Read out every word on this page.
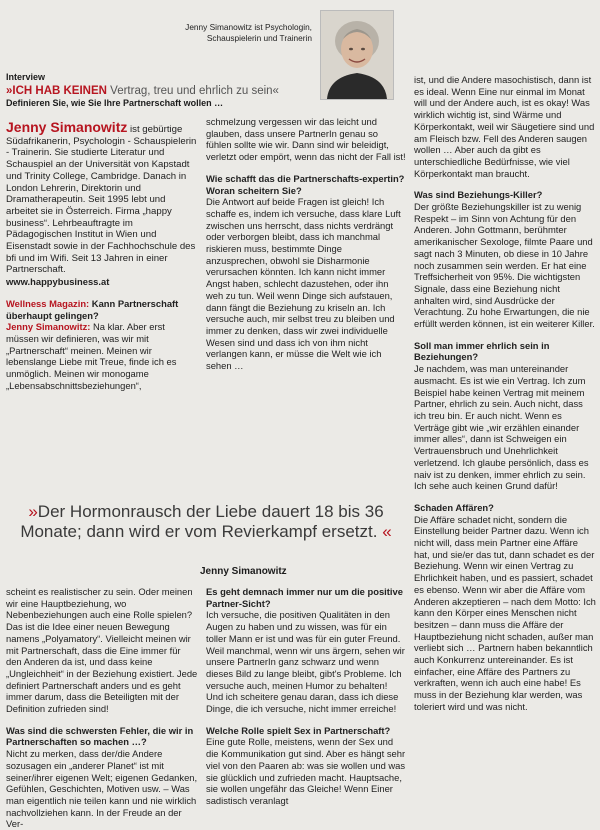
Jenny Simanowitz ist Psychologin, Schauspielerin und Trainerin
Interview
»ICH HAB KEINEN Vertrag, treu und ehrlich zu sein«
Definieren Sie, wie Sie Ihre Partnerschaft wollen …

Jenny Simanowitz ist gebürtige Südafrikanerin, Psychologin - Schauspielerin - Trainerin. Sie studierte Literatur und Schauspiel an der Universität von Kapstadt und Trinity College, Cambridge. Danach in London Lehrerin, Direktorin und Dramatherapeutin. Seit 1995 lebt und arbeitet sie in Österreich. Firma „happy business“. Lehrbeauftragte im Pädagogischen Institut in Wien und Eisenstadt sowie in der Fachhochschule des bfi und im Wifi. Seit 13 Jahren in einer Partnerschaft.

www.happybusiness.at

Wellness Magazin: Kann Partnerschaft überhaupt gelingen?

Jenny Simanowitz: Na klar. Aber erst müssen wir definieren, was wir mit „Partnerschaft“ meinen. Meinen wir lebenslange Liebe mit Treue, finde ich es unmöglich. Meinen wir monogame „Lebensabschnittsbeziehungen“,

schmelzung vergessen wir das leicht und glauben, dass unsere PartnerIn genau so fühlen sollte wie wir. Dann sind wir beleidigt, verletzt oder empört, wenn das nicht der Fall ist!

Wie schafft das die Partnerschafts-expertin? Woran scheitern Sie?

Die Antwort auf beide Fragen ist gleich! Ich schaffe es, indem ich versuche, dass klare Luft zwischen uns herrscht, dass nichts verdrängt oder verborgen bleibt, dass ich manchmal riskieren muss, bestimmte Dinge anzusprechen, obwohl sie Disharmonie verursachen könnten. Ich kann nicht immer Angst haben, schlecht dazustehen, oder ihn weh zu tun. Weil wenn Dinge sich aufstauen, dann fängt die Beziehung zu kriseln an. Ich versuche auch, mir selbst treu zu bleiben und immer zu denken, dass wir zwei individuelle Wesen sind und dass ich von ihm nicht verlangen kann, er müsse die Welt wie ich sehen …

»Der Hormonrausch der Liebe dauert 18 bis 36 Monate; dann wird er vom Revierkampf ersetzt. «
Jenny Simanowitz

scheint es realistischer zu sein. Oder meinen wir eine Hauptbeziehung, wo Nebenbeziehungen auch eine Rolle spielen? Das ist die Idee einer neuen Bewegung namens „Polyamatory“. Vielleicht meinen wir mit Partnerschaft, dass die Eine immer für den Anderen da ist, und dass keine „Ungleichheit“ in der Beziehung existiert. Jede definiert Partnerschaft anders und es geht immer darum, dass die Beteiligten mit der Definition zufrieden sind!

Was sind die schwersten Fehler, die wir in Partnerschaften so machen …?

Nicht zu merken, dass der/die Andere sozusagen ein „anderer Planet“ ist mit seiner/ihrer eigenen Welt; eigenen Gedanken, Gefühlen, Geschichten, Motiven usw. – Was man eigentlich nie teilen kann und nie wirklich nachvollziehen kann. In der Freude an der Ver-

Es geht demnach immer nur um die positive Partner-Sicht?

Ich versuche, die positiven Qualitäten in den Augen zu haben und zu wissen, was für ein toller Mann er ist und was für ein guter Freund. Weil manchmal, wenn wir uns ärgern, sehen wir unsere PartnerIn ganz schwarz und wenn dieses Bild zu lange bleibt, gibt's Probleme. Ich versuche auch, meinen Humor zu behalten! Und ich scheitere genau daran, dass ich diese Dinge, die ich versuche, nicht immer erreiche!

Welche Rolle spielt Sex in Partnerschaft?

Eine gute Rolle, meistens, wenn der Sex und die Kommunikation gut sind. Aber es hängt sehr viel von den Paaren ab: was sie wollen und was sie glücklich und zufrieden macht. Hauptsache, sie wollen ungefähr das Gleiche! Wenn Einer sadistisch veranlagt

ist, und die Andere masochistisch, dann ist es ideal. Wenn Eine nur einmal im Monat will und der Andere auch, ist es okay! Was wirklich wichtig ist, sind Wärme und Körperkontakt, weil wir Säugetiere sind und am Fleisch bzw. Fell des Anderen saugen wollen … Aber auch da gibt es unterschiedliche Bedürfnisse, wie viel Körperkontakt man braucht.

Was sind Beziehungs-Killer?

Der größte Beziehungskiller ist zu wenig Respekt – im Sinn von Achtung für den Anderen. John Gottmann, berühmter amerikanischer Sexologe, filmte Paare und sagt nach 3 Minuten, ob diese in 10 Jahre noch zusammen sein werden. Er hat eine Treffsicherheit von 95%. Die wichtigsten Signale, dass eine Beziehung nicht anhalten wird, sind Ausdrücke der Verachtung. Zu hohe Erwartungen, die nie erfüllt werden können, ist ein weiterer Killer.

Soll man immer ehrlich sein in Beziehungen?

Je nachdem, was man untereinander ausmacht. Es ist wie ein Vertrag. Ich zum Beispiel habe keinen Vertrag mit meinem Partner, ehrlich zu sein. Auch nicht, dass ich treu bin. Er auch nicht. Wenn es Verträge gibt wie „wir erzählen einander immer alles“, dann ist Schweigen ein Vertrauensbruch und Unehrlichkeit verletzend. Ich glaube persönlich, dass es naiv ist zu denken, immer ehrlich zu sein. Ich sehe auch keinen Grund dafür!

Schaden Affären?

Die Affäre schadet nicht, sondern die Einstellung beider Partner dazu. Wenn ich nicht will, dass mein Partner eine Affäre hat, und sie/er das tut, dann schadet es der Beziehung. Wenn wir einen Vertrag zu Ehrlichkeit haben, und es passiert, schadet es ebenso. Wenn wir aber die Affäre vom Anderen akzeptieren – nach dem Motto: Ich kann den Körper eines Menschen nicht besitzen – dann muss die Affäre der Hauptbeziehung nicht schaden, außer man verliebt sich … Partnern haben bekanntlich auch Konkurrenz untereinander. Es ist einfacher, eine Affäre des Partners zu verkraften, wenn ich auch eine habe! Es muss in der Beziehung klar werden, was toleriert wird und was nicht.
